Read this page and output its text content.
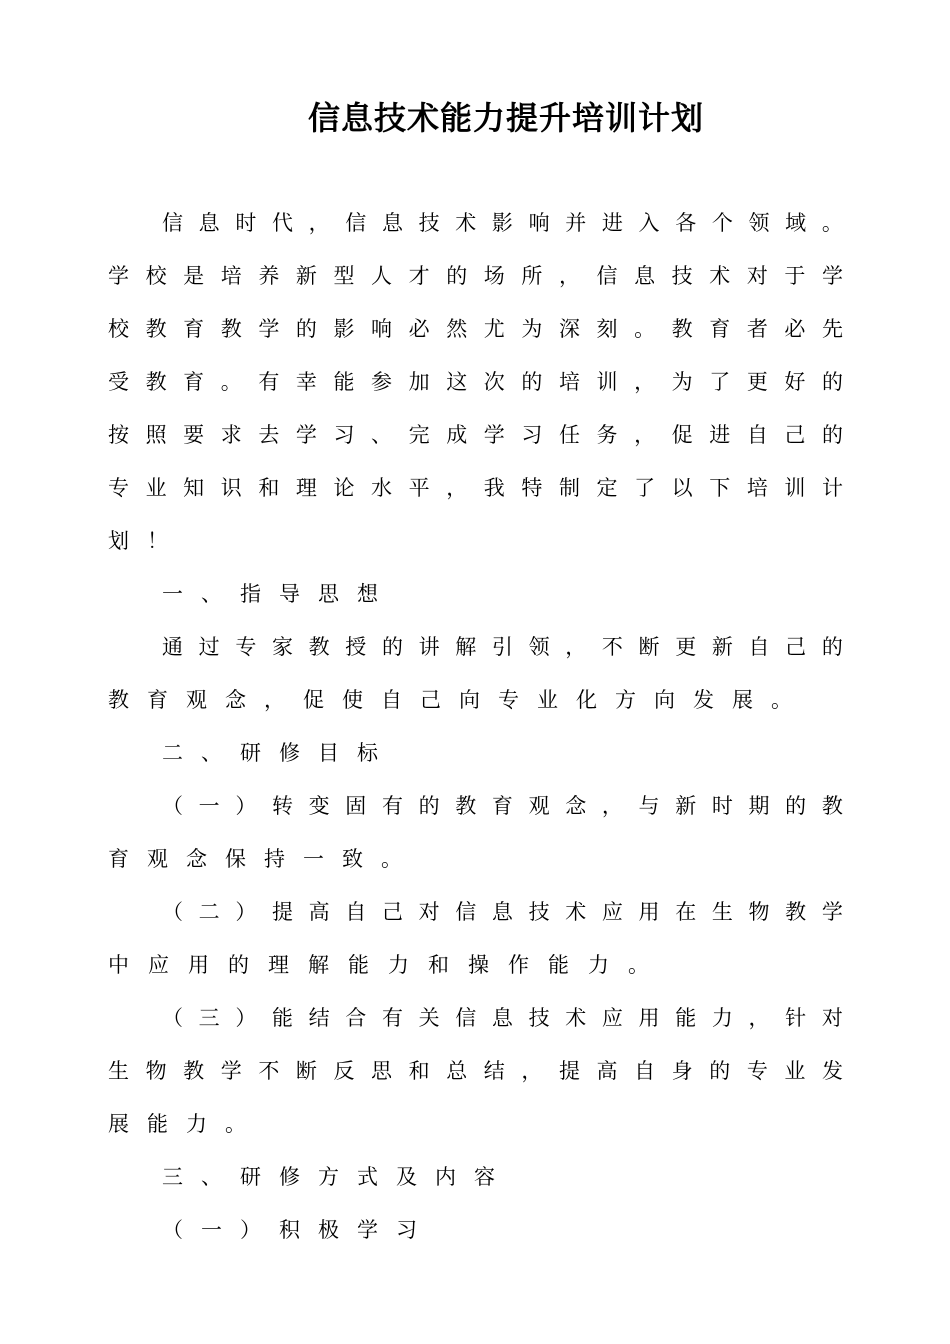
信息技术能力提升培训计划
信 息 时 代 ， 信 息 技 术 影 响 并 进 入 各 个 领 域 。
学 校 是 培 养 新 型 人 才 的 场 所 ， 信 息 技 术 对 于 学
校 教 育 教 学 的 影 响 必 然 尤 为 深 刻 。 教 育 者 必 先
受 教 育 。 有 幸 能 参 加 这 次 的 培 训 ， 为 了 更 好 的
按 照 要 求 去 学 习 、 完 成 学 习 任 务 ， 促 进 自 己 的
专 业 知 识 和 理 论 水 平 ， 我 特 制 定 了 以 下 培 训 计
划 ！
一 、 指 导 思 想
通 过 专 家 教 授 的 讲 解 引 领 ， 不 断 更 新 自 己 的
教 育 观 念 ， 促 使 自 己 向 专 业 化 方 向 发 展 。
二 、 研 修 目 标
（ 一 ） 转 变 固 有 的 教 育 观 念 ， 与 新 时 期 的 教
育 观 念 保 持 一 致 。
（ 二 ） 提 高 自 己 对 信 息 技 术 应 用 在 生 物 教 学
中 应 用 的 理 解 能 力 和 操 作 能 力 。
（ 三 ） 能 结 合 有 关 信 息 技 术 应 用 能 力 ， 针 对
生 物 教 学 不 断 反 思 和 总 结 ， 提 高 自 身 的 专 业 发
展 能 力 。
三 、 研 修 方 式 及 内 容
（ 一 ） 积 极 学 习
